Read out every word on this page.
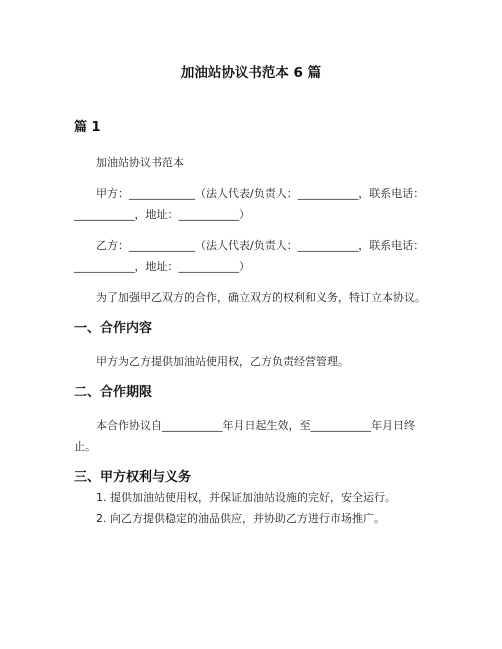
加油站协议书范本 6 篇
篇 1

加油站协议书范本

甲方：____________（法人代表/负责人：___________，联系电话：___________，地址：___________）

乙方：____________（法人代表/负责人：___________，联系电话：___________，地址：___________）

为了加强甲乙双方的合作，确立双方的权利和义务，特订立本协议。

一、合作内容

甲方为乙方提供加油站使用权，乙方负责经营管理。

二、合作期限

本合作协议自___________年月日起生效，至___________年月日终止。

三、甲方权利与义务

1. 提供加油站使用权，并保证加油站设施的完好，安全运行。

2. 向乙方提供稳定的油品供应，并协助乙方进行市场推广。
